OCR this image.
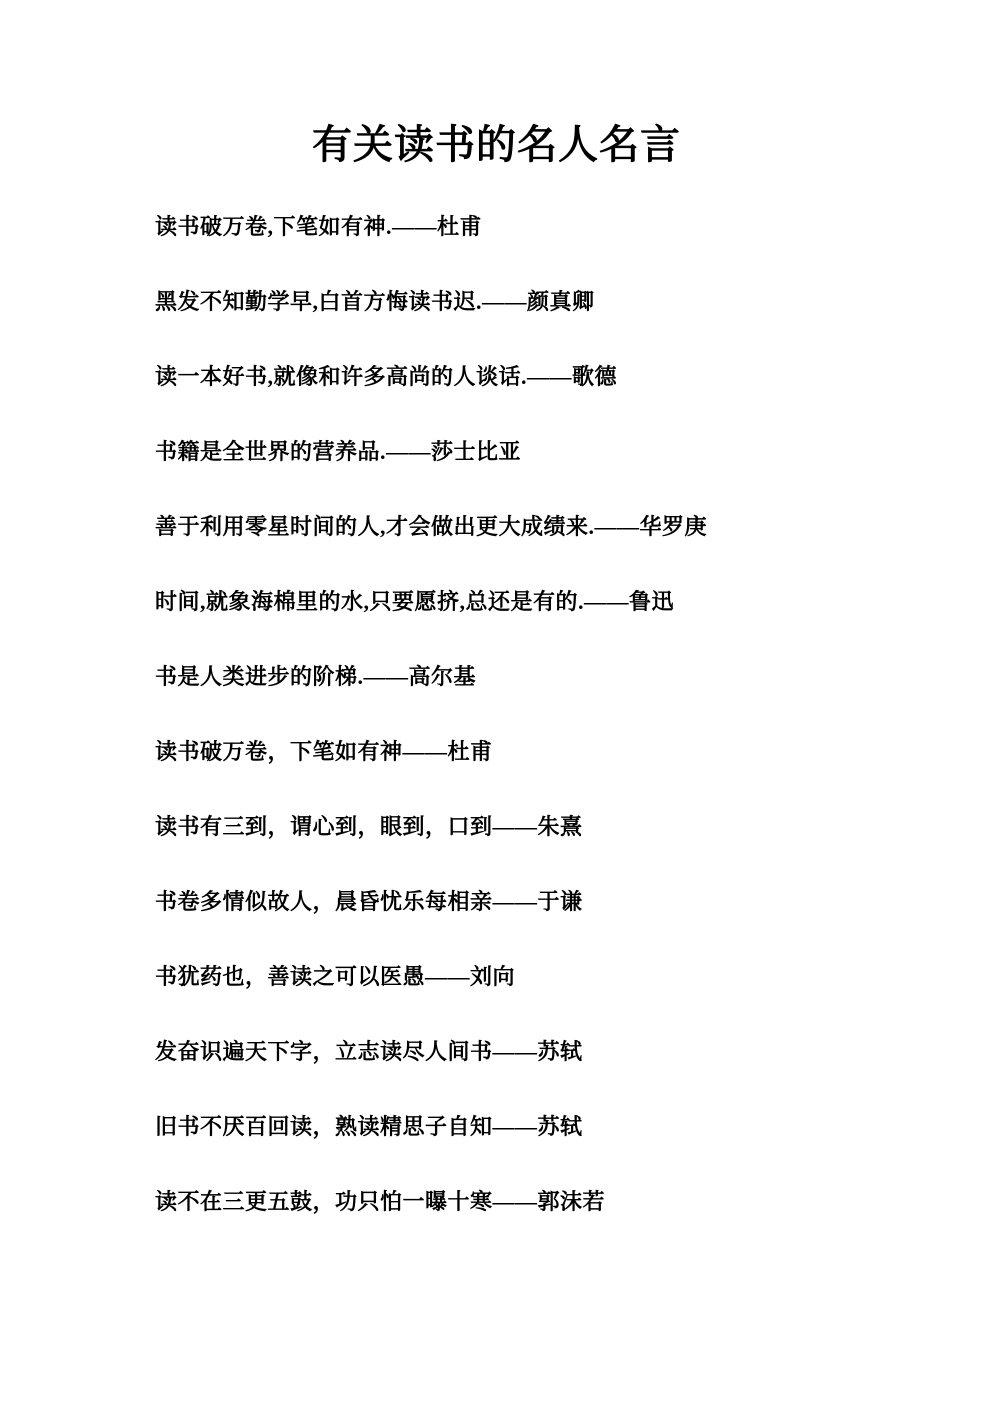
有关读书的名人名言

读书破万卷,下笔如有神.——杜甫

黑发不知勤学早,白首方悔读书迟.——颜真卿

读一本好书,就像和许多高尚的人谈话.——歌德

书籍是全世界的营养品.——莎士比亚

善于利用零星时间的人,才会做出更大成绩来.——华罗庚

时间,就象海棉里的水,只要愿挤,总还是有的.——鲁迅

书是人类进步的阶梯.——高尔基

读书破万卷，下笔如有神——杜甫

读书有三到，谓心到，眼到，口到——朱熹

书卷多情似故人，晨昏忧乐每相亲——于谦

书犹药也，善读之可以医愚——刘向

发奋识遍天下字，立志读尽人间书——苏轼

旧书不厌百回读，熟读精思子自知——苏轼

读不在三更五鼓，功只怕一曝十寒——郭沫若
